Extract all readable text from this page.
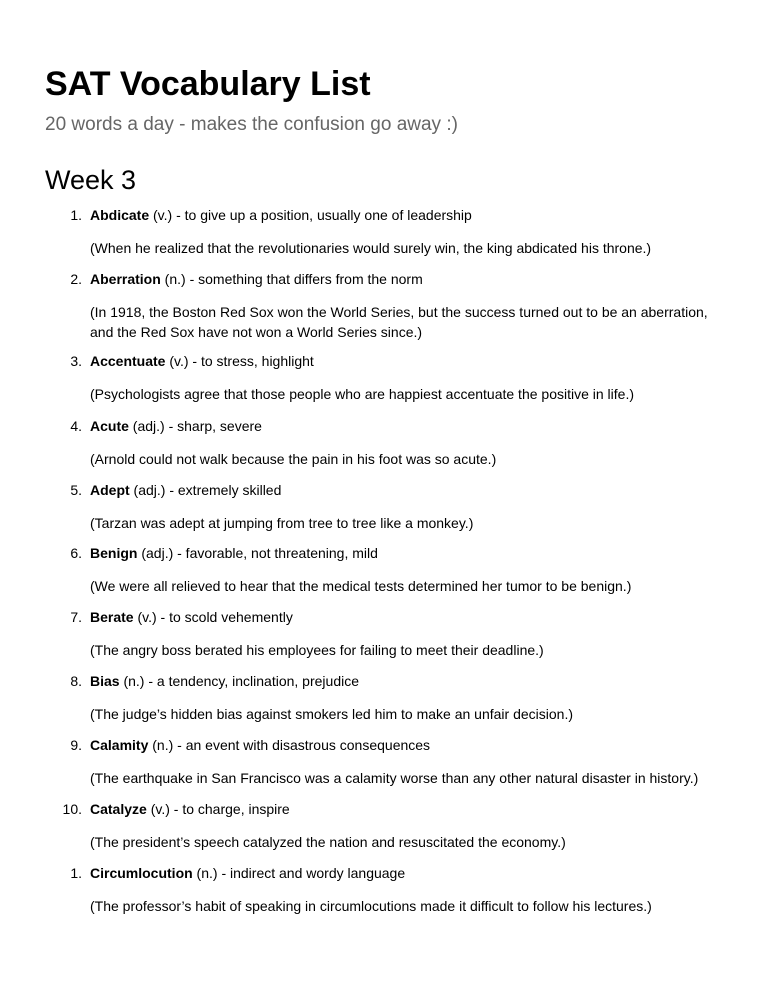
SAT Vocabulary List

20 words a day - makes the confusion go away :)

Week 3
1. Abdicate (v.) - to give up a position, usually one of leadership
(When he realized that the revolutionaries would surely win, the king abdicated his throne.)
2. Aberration (n.) - something that differs from the norm
(In 1918, the Boston Red Sox won the World Series, but the success turned out to be an aberration, and the Red Sox have not won a World Series since.)
3. Accentuate (v.) - to stress, highlight
(Psychologists agree that those people who are happiest accentuate the positive in life.)
4. Acute (adj.) - sharp, severe
(Arnold could not walk because the pain in his foot was so acute.)
5. Adept (adj.) - extremely skilled
(Tarzan was adept at jumping from tree to tree like a monkey.)
6. Benign (adj.) - favorable, not threatening, mild
(We were all relieved to hear that the medical tests determined her tumor to be benign.)
7. Berate (v.) - to scold vehemently
(The angry boss berated his employees for failing to meet their deadline.)
8. Bias (n.) - a tendency, inclination, prejudice
(The judge’s hidden bias against smokers led him to make an unfair decision.)
9. Calamity (n.) - an event with disastrous consequences
(The earthquake in San Francisco was a calamity worse than any other natural disaster in history.)
10. Catalyze (v.) - to charge, inspire
(The president’s speech catalyzed the nation and resuscitated the economy.)
1. Circumlocution (n.) - indirect and wordy language
(The professor’s habit of speaking in circumlocutions made it difficult to follow his lectures.)
